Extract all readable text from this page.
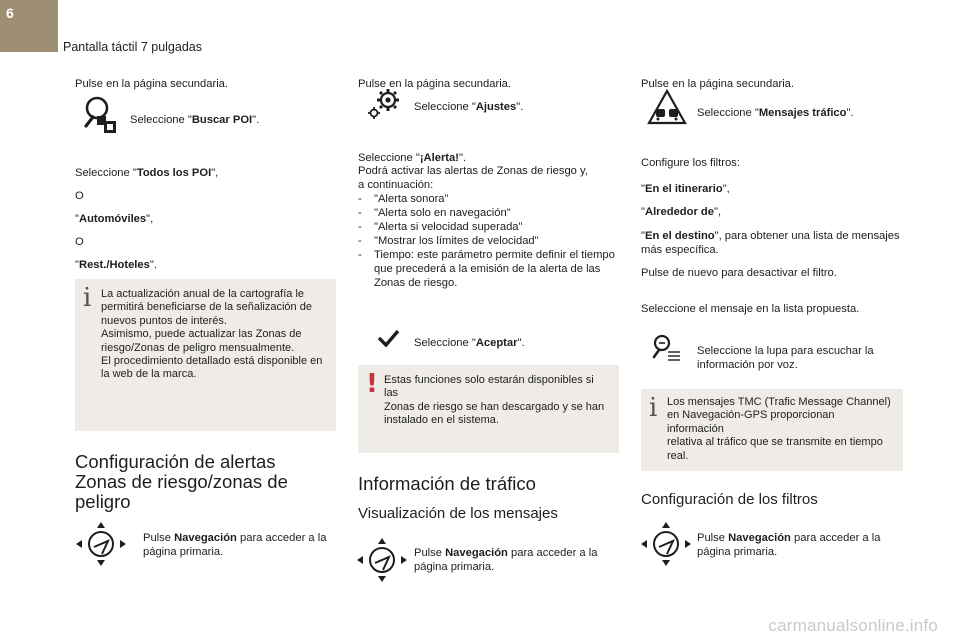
6
Pantalla táctil 7 pulgadas

Pulse en la página secundaria.

Seleccione "Buscar POI".

Seleccione "Todos los POI",

O

"Automóviles",

O

"Rest./Hoteles".

i La actualización anual de la cartografía le
permitirá beneficiarse de la señalización de
nuevos puntos de interés.
Asimismo, puede actualizar las Zonas de
riesgo/Zonas de peligro mensualmente.
El procedimiento detallado está disponible en
la web de la marca.
Configuración de alertas
Zonas de riesgo/zonas de
peligro

Pulse Navegación para acceder a la
página primaria.

Pulse en la página secundaria.

Seleccione "Ajustes".

Seleccione "¡Alerta!".

Podrá activar las alertas de Zonas de riesgo y,
a continuación:
- "Alerta sonora"
- "Alerta solo en navegación"
- "Alerta si velocidad superada"
- "Mostrar los límites de velocidad"
- Tiempo: este parámetro permite definir el tiempo que precederá a la emisión de la alerta de las Zonas de riesgo.

Seleccione "Aceptar".

! Estas funciones solo estarán disponibles si las
Zonas de riesgo se han descargado y se han
instalado en el sistema.
Información de tráfico
Visualización de los mensajes

Pulse Navegación para acceder a la
página primaria.

Pulse en la página secundaria.

Seleccione "Mensajes tráfico".

Configure los filtros:

"En el itinerario",

"Alrededor de",

"En el destino", para obtener una lista de mensajes
más específica.

Pulse de nuevo para desactivar el filtro.

Seleccione el mensaje en la lista propuesta.

Seleccione la lupa para escuchar la
información por voz.

i Los mensajes TMC (Trafic Message Channel)
en Navegación-GPS proporcionan información
relativa al tráfico que se transmite en tiempo
real.
Configuración de los filtros

Pulse Navegación para acceder a la
página primaria.

carmanualsonline.info
